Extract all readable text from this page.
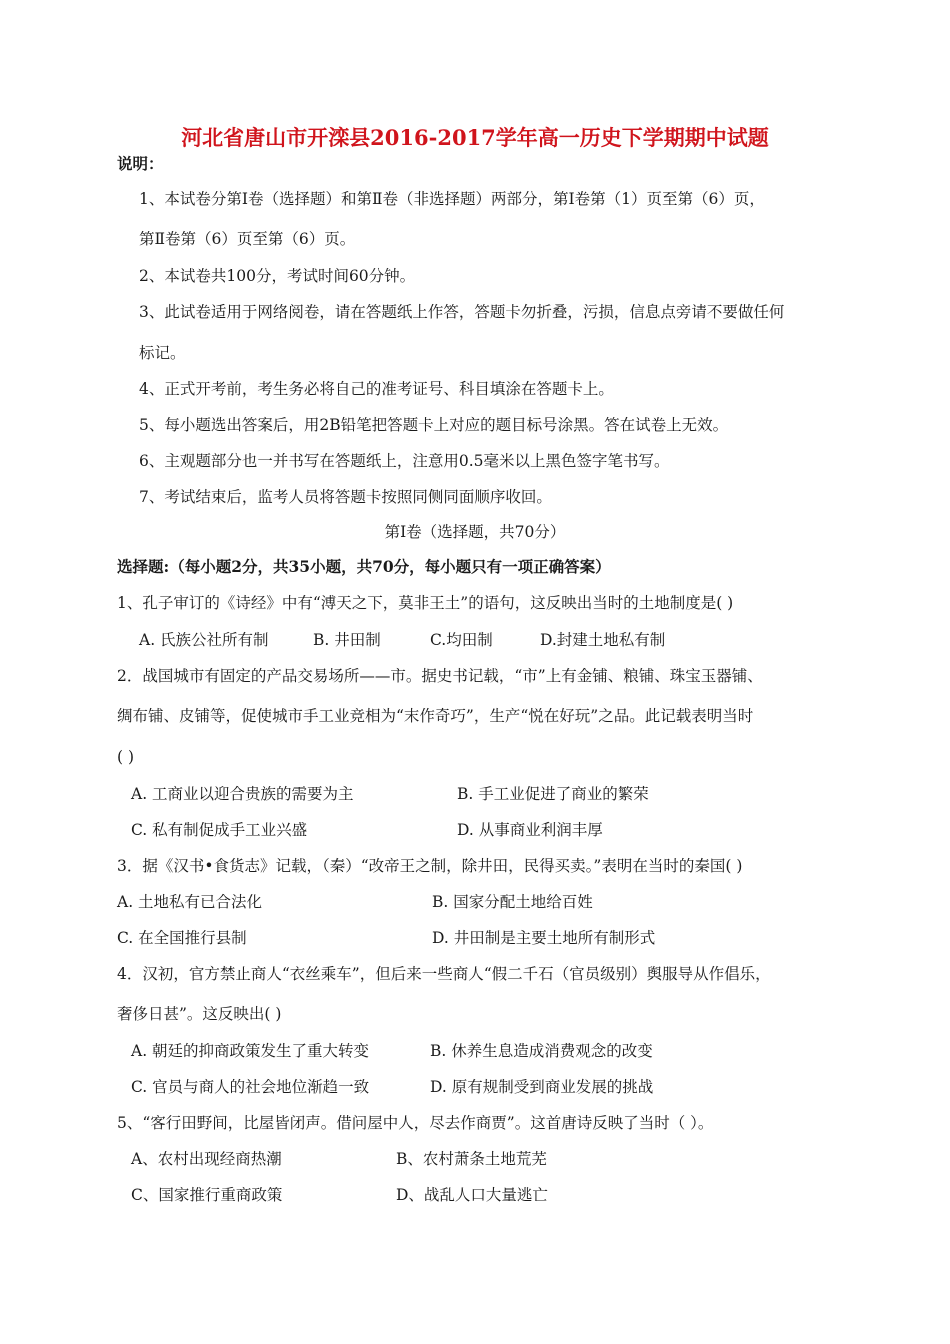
河北省唐山市开滦县2016-2017学年高一历史下学期期中试题
说明：
1、本试卷分第Ⅰ卷（选择题）和第Ⅱ卷（非选择题）两部分，第Ⅰ卷第（1）页至第（6）页，
第Ⅱ卷第（6）页至第（6）页。
2、本试卷共100分，考试时间60分钟。
3、此试卷适用于网络阅卷，请在答题纸上作答，答题卡勿折叠，污损，信息点旁请不要做任何
标记。
4、正式开考前，考生务必将自己的准考证号、科目填涂在答题卡上。
5、每小题选出答案后，用2B铅笔把答题卡上对应的题目标号涂黑。答在试卷上无效。
6、主观题部分也一并书写在答题纸上，注意用0.5毫米以上黑色签字笔书写。
7、考试结束后，监考人员将答题卡按照同侧同面顺序收回。
第Ⅰ卷（选择题，共70分）
选择题:（每小题2分，共35小题，共70分，每小题只有一项正确答案）
1、孔子审订的《诗经》中有“溥天之下，莫非王土”的语句，这反映出当时的土地制度是( )
A. 氏族公社所有制	B. 井田制	C.均田制	D.封建土地私有制
2．战国城市有固定的产品交易场所——市。据史书记载，“市”上有金铺、粮铺、珠宝玉器铺、
绸布铺、皮铺等，促使城市手工业竞相为“末作奇巧”，生产“悦在好玩”之品。此记载表明当时
( )
A. 工商业以迎合贵族的需要为主	B. 手工业促进了商业的繁荣
C. 私有制促成手工业兴盛	D. 从事商业利润丰厚
3．据《汉书•食货志》记载，（秦）“改帝王之制，除井田，民得买卖。”表明在当时的秦国( )
A. 土地私有已合法化	B. 国家分配土地给百姓
C. 在全国推行县制	D. 井田制是主要土地所有制形式
4．汉初，官方禁止商人“衣丝乘车”，但后来一些商人“假二千石（官员级别）舆服导从作倡乐，
奢侈日甚”。这反映出( )
A. 朝廷的抑商政策发生了重大转变	B. 休养生息造成消费观念的改变
C. 官员与商人的社会地位渐趋一致	D. 原有规制受到商业发展的挑战
5、“客行田野间，比屋皆闭声。借问屋中人，尽去作商贾”。这首唐诗反映了当时（ ）。
A、农村出现经商热潮	B、农村萧条土地荒芜
C、国家推行重商政策	D、战乱人口大量逃亡
